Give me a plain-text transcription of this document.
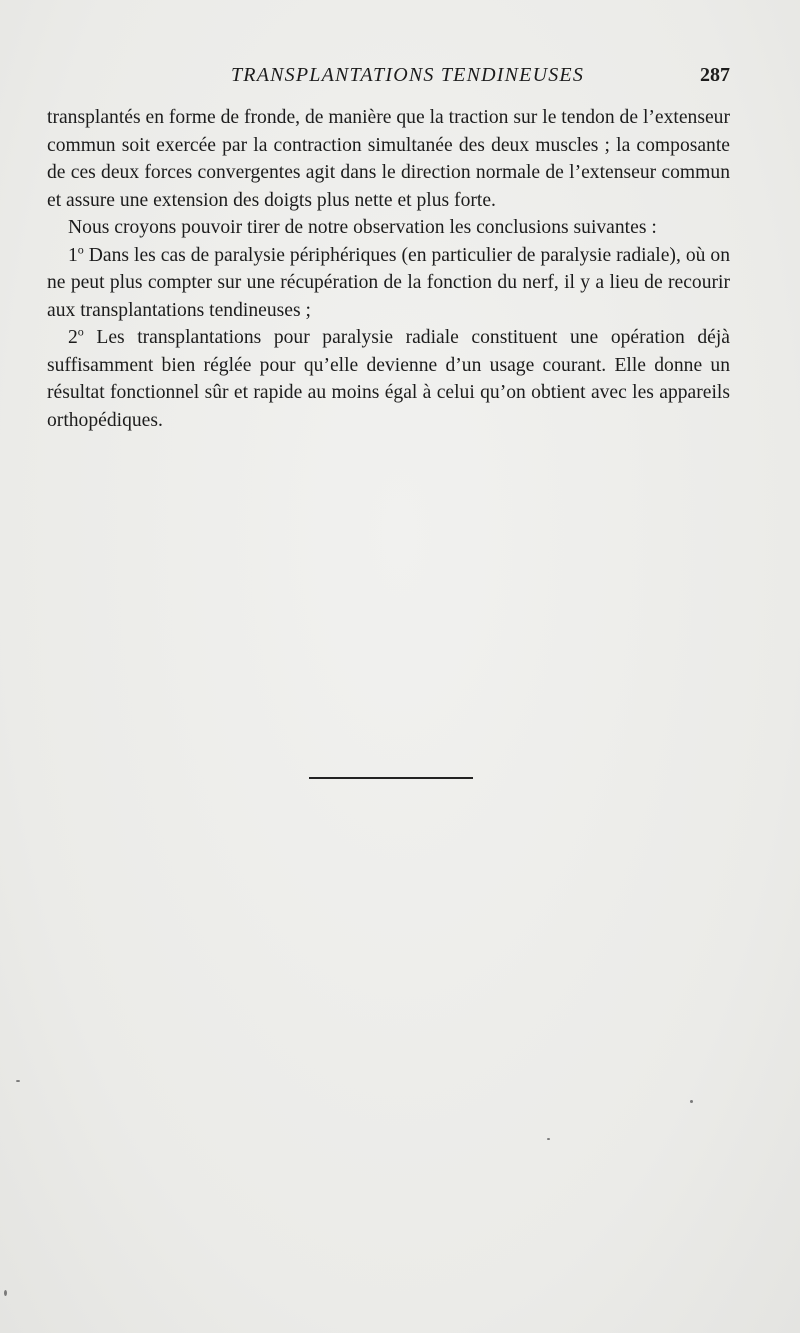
TRANSPLANTATIONS TENDINEUSES	287

transplantés en forme de fronde, de manière que la traction sur le tendon de l’extenseur commun soit exercée par la contraction simultanée des deux muscles ; la composante de ces deux forces convergentes agit dans le direction normale de l’extenseur commun et assure une extension des doigts plus nette et plus forte.

Nous croyons pouvoir tirer de notre observation les conclusions suivantes :

1$^o$ Dans les cas de paralysie périphériques (en particulier de paralysie radiale), où on ne peut plus compter sur une récupération de la fonction du nerf, il y a lieu de recourir aux transplantations tendineuses ;

2$^o$ Les transplantations pour paralysie radiale constituent une opération déjà suffisamment bien réglée pour qu’elle devienne d’un usage courant. Elle donne un résultat fonctionnel sûr et rapide au moins égal à celui qu’on obtient avec les appareils orthopédiques.
